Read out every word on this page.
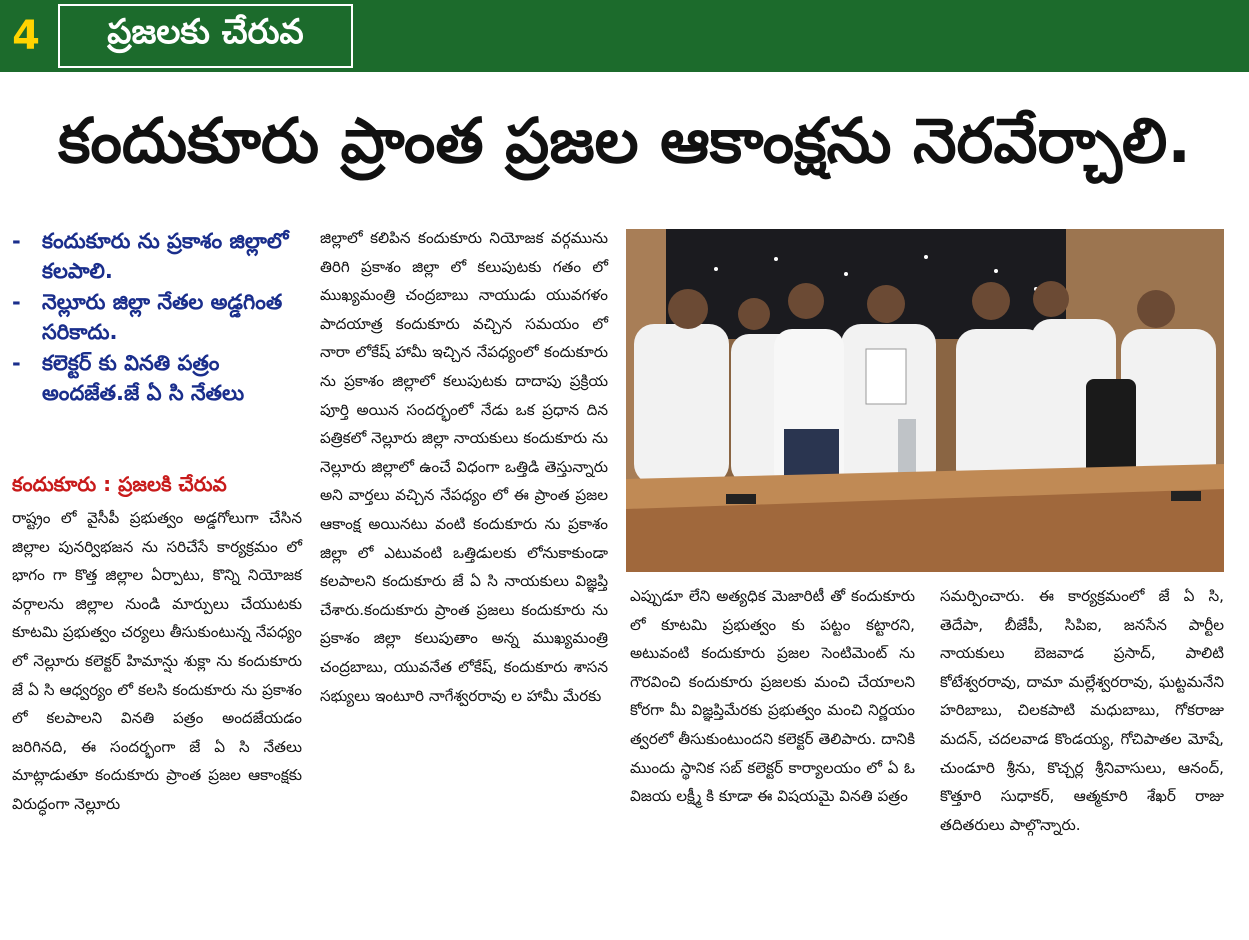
4	ప్రజలకు చేరువ
కందుకూరు ప్రాంత ప్రజల ఆకాంక్షను నెరవేర్చాలి.
-	కందుకూరు ను ప్రకాశం జిల్లాలో కలపాలి.
-	నెల్లూరు జిల్లా నేతల అడ్డగింత సరికాదు.
-	కలెక్టర్ కు వినతి పత్రం అందజేత.జే ఏ సి నేతలు
కందుకూరు : ప్రజలకి చేరువ
రాష్ట్రం లో వైసీపీ ప్రభుత్వం అడ్డగోలుగా చేసిన జిల్లాల పునర్విభజన ను సరిచేసే కార్యక్రమం లో భాగం గా కొత్త జిల్లాల ఏర్పాటు, కొన్ని నియోజక వర్గాలను జిల్లాల నుండి మార్పులు చేయుటకు కూటమి ప్రభుత్వం చర్యలు తీసుకుంటున్న నేపధ్యం లో నెల్లూరు కలెక్టర్ హిమాన్షు శుక్లా ను కందుకూరు జే ఏ సి ఆధ్వర్యం లో కలసి కందుకూరు ను ప్రకాశం లో కలపాలని వినతి పత్రం అందజేయడం జరిగినది, ఈ సందర్భంగా జే ఏ సి నేతలు మాట్లాడుతూ కందుకూరు ప్రాంత ప్రజల ఆకాంక్షకు విరుద్ధంగా నెల్లూరు
జిల్లాలో కలిపిన కందుకూరు నియోజక వర్గమును తిరిగి ప్రకాశం జిల్లా లో కలుపుటకు గతం లో ముఖ్యమంత్రి చంద్రబాబు నాయుడు యువగళం పాదయాత్ర కందుకూరు వచ్చిన సమయం లో నారా లోకేష్ హామీ ఇచ్చిన నేపధ్యంలో కందుకూరు ను ప్రకాశం జిల్లాలో కలుపుటకు దాదాపు ప్రక్రియ పూర్తి అయిన సందర్భంలో నేడు ఒక ప్రధాన దిన పత్రికలో నెల్లూరు జిల్లా నాయకులు కందుకూరు ను నెల్లూరు జిల్లాలో ఉంచే విధంగా ఒత్తిడి తెస్తున్నారు అని వార్తలు వచ్చిన నేపధ్యం లో ఈ ప్రాంత ప్రజల ఆకాంక్ష అయినటు వంటి కందుకూరు ను ప్రకాశం జిల్లా లో ఎటువంటి ఒత్తిడులకు లోనుకాకుండా కలపాలని కందుకూరు జే ఏ సి నాయకులు విజ్ఞప్తి చేశారు.కందుకూరు ప్రాంత ప్రజలు కందుకూరు ను ప్రకాశం జిల్లా కలుపుతాం అన్న ముఖ్యమంత్రి చంద్రబాబు, యువనేత లోకేష్, కందుకూరు శాసన సభ్యులు ఇంటూరి నాగేశ్వరరావు ల హామీ మేరకు
ఎప్పుడూ లేని అత్యధిక మెజారిటీ తో కందుకూరు లో కూటమి ప్రభుత్వం కు పట్టం కట్టారని, అటువంటి కందుకూరు ప్రజల సెంటిమెంట్ ను గౌరవించి కందుకూరు ప్రజలకు మంచి చేయాలని కోరగా మీ విజ్ఞప్తిమేరకు ప్రభుత్వం మంచి నిర్ణయం త్వరలో తీసుకుంటుందని కలెక్టర్ తెలిపారు. దానికి ముందు స్థానిక సబ్ కలెక్టర్ కార్యాలయం లో ఏ ఓ విజయ లక్ష్మీ కి కూడా ఈ విషయమై వినతి పత్రం
సమర్పించారు. ఈ కార్యక్రమంలో జే ఏ సి, తెదేపా, బీజేపీ, సిపిఐ, జనసేన పార్టీల నాయకులు బెజవాడ ప్రసాద్, పాలిటి కోటేశ్వరరావు, దామా మల్లేశ్వరరావు, ఘట్టమనేని హరిబాబు, చిలకపాటి మధుబాబు, గోకరాజు మదన్, చదలవాడ కొండయ్య, గోచిపాతల మోషే, చుండూరి శ్రీను, కొచ్చర్ల శ్రీనివాసులు, ఆనంద్, కొత్తూరి సుధాకర్, ఆత్మకూరి శేఖర్ రాజు తదితరులు పాల్గొన్నారు.
